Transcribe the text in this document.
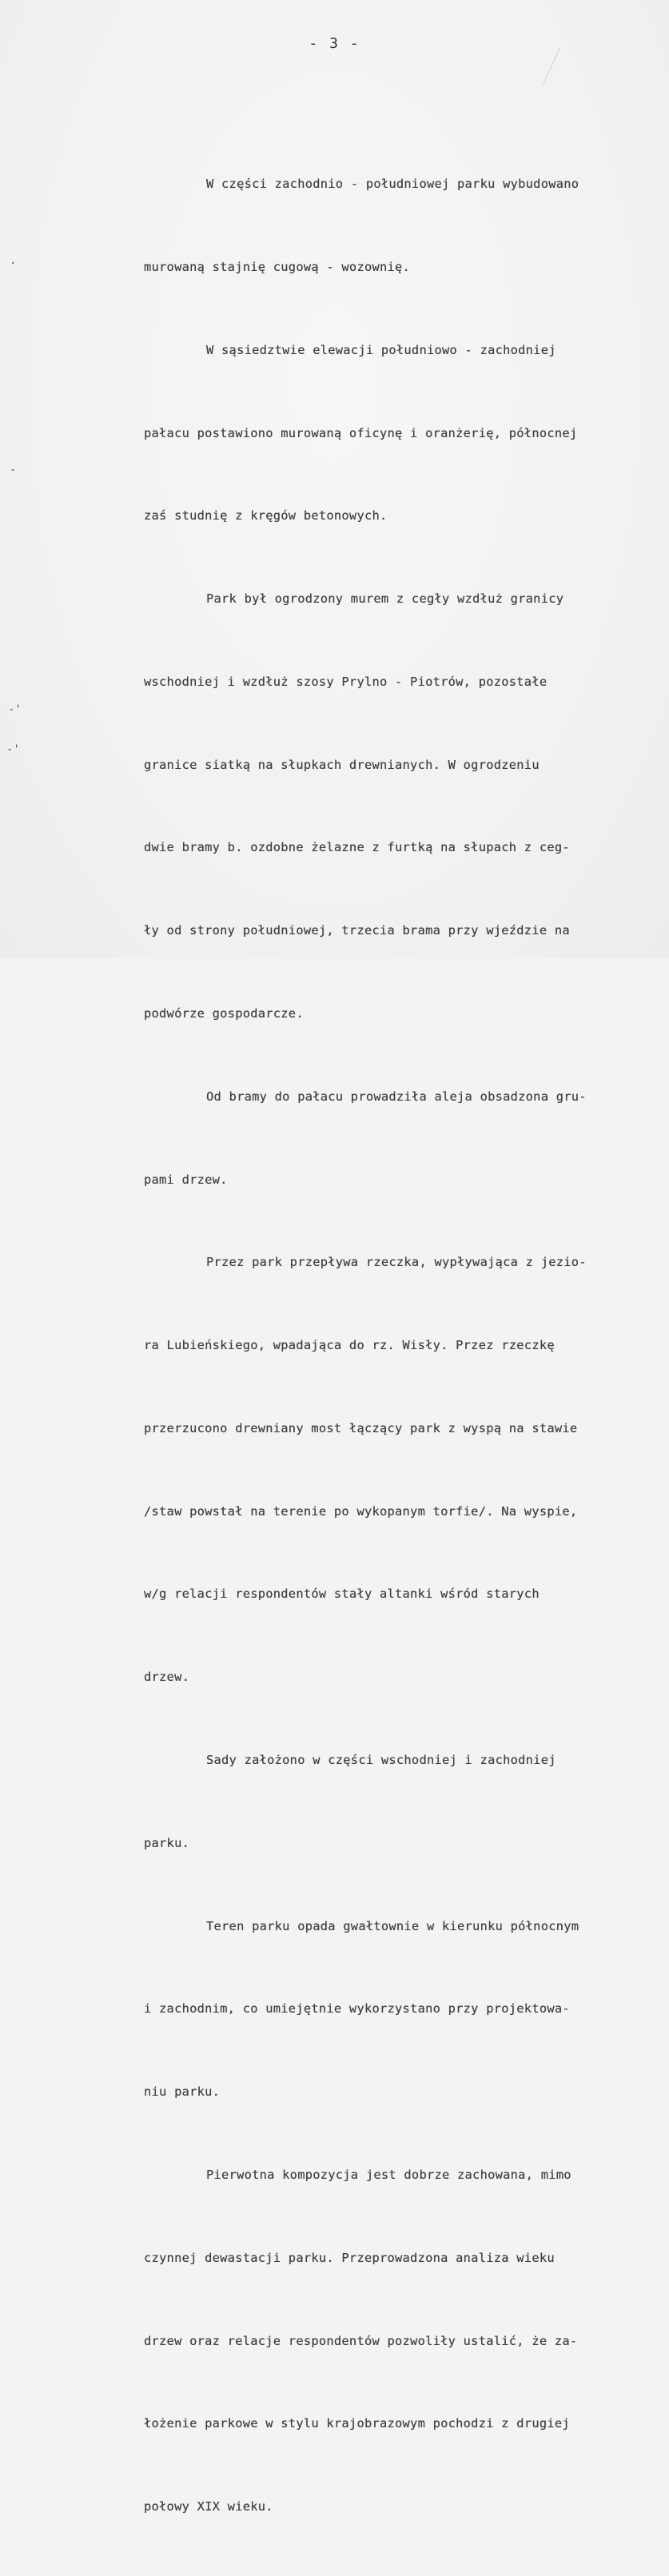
- 3 -

W części zachodnio - południowej parku wybudowano

murowaną stajnię cugową - wozownię.

W sąsiedztwie elewacji południowo - zachodniej

pałacu postawiono murowaną oficynę i oranżerię, północnej

zaś studnię z kręgów betonowych.

Park był ogrodzony murem z cegły wzdłuż granicy

wschodniej i wzdłuż szosy Prylno - Piotrów, pozostałe

granice siatką na słupkach drewnianych. W ogrodzeniu

dwie bramy b. ozdobne żelazne z furtką na słupach z ceg-

ły od strony południowej, trzecia brama przy wjeździe na

podwórze gospodarcze.

Od bramy do pałacu prowadziła aleja obsadzona gru-

pami drzew.

Przez park przepływa rzeczka, wypływająca z jezio-

ra Lubieńskiego, wpadająca do rz. Wisły. Przez rzeczkę

przerzucono drewniany most łączący park z wyspą na stawie

/staw powstał na terenie po wykopanym torfie/. Na wyspie,

w/g relacji respondentów stały altanki wśród starych

drzew.

Sady założono w części wschodniej i zachodniej

parku.

Teren parku opada gwałtownie w kierunku północnym

i zachodnim, co umiejętnie wykorzystano przy projektowa-

niu parku.

Pierwotna kompozycja jest dobrze zachowana, mimo

czynnej dewastacji parku. Przeprowadzona analiza wieku

drzew oraz relacje respondentów pozwoliły ustalić, że za-

łożenie parkowe w stylu krajobrazowym pochodzi z drugiej

połowy XIX wieku.

.
-
-'
-'
